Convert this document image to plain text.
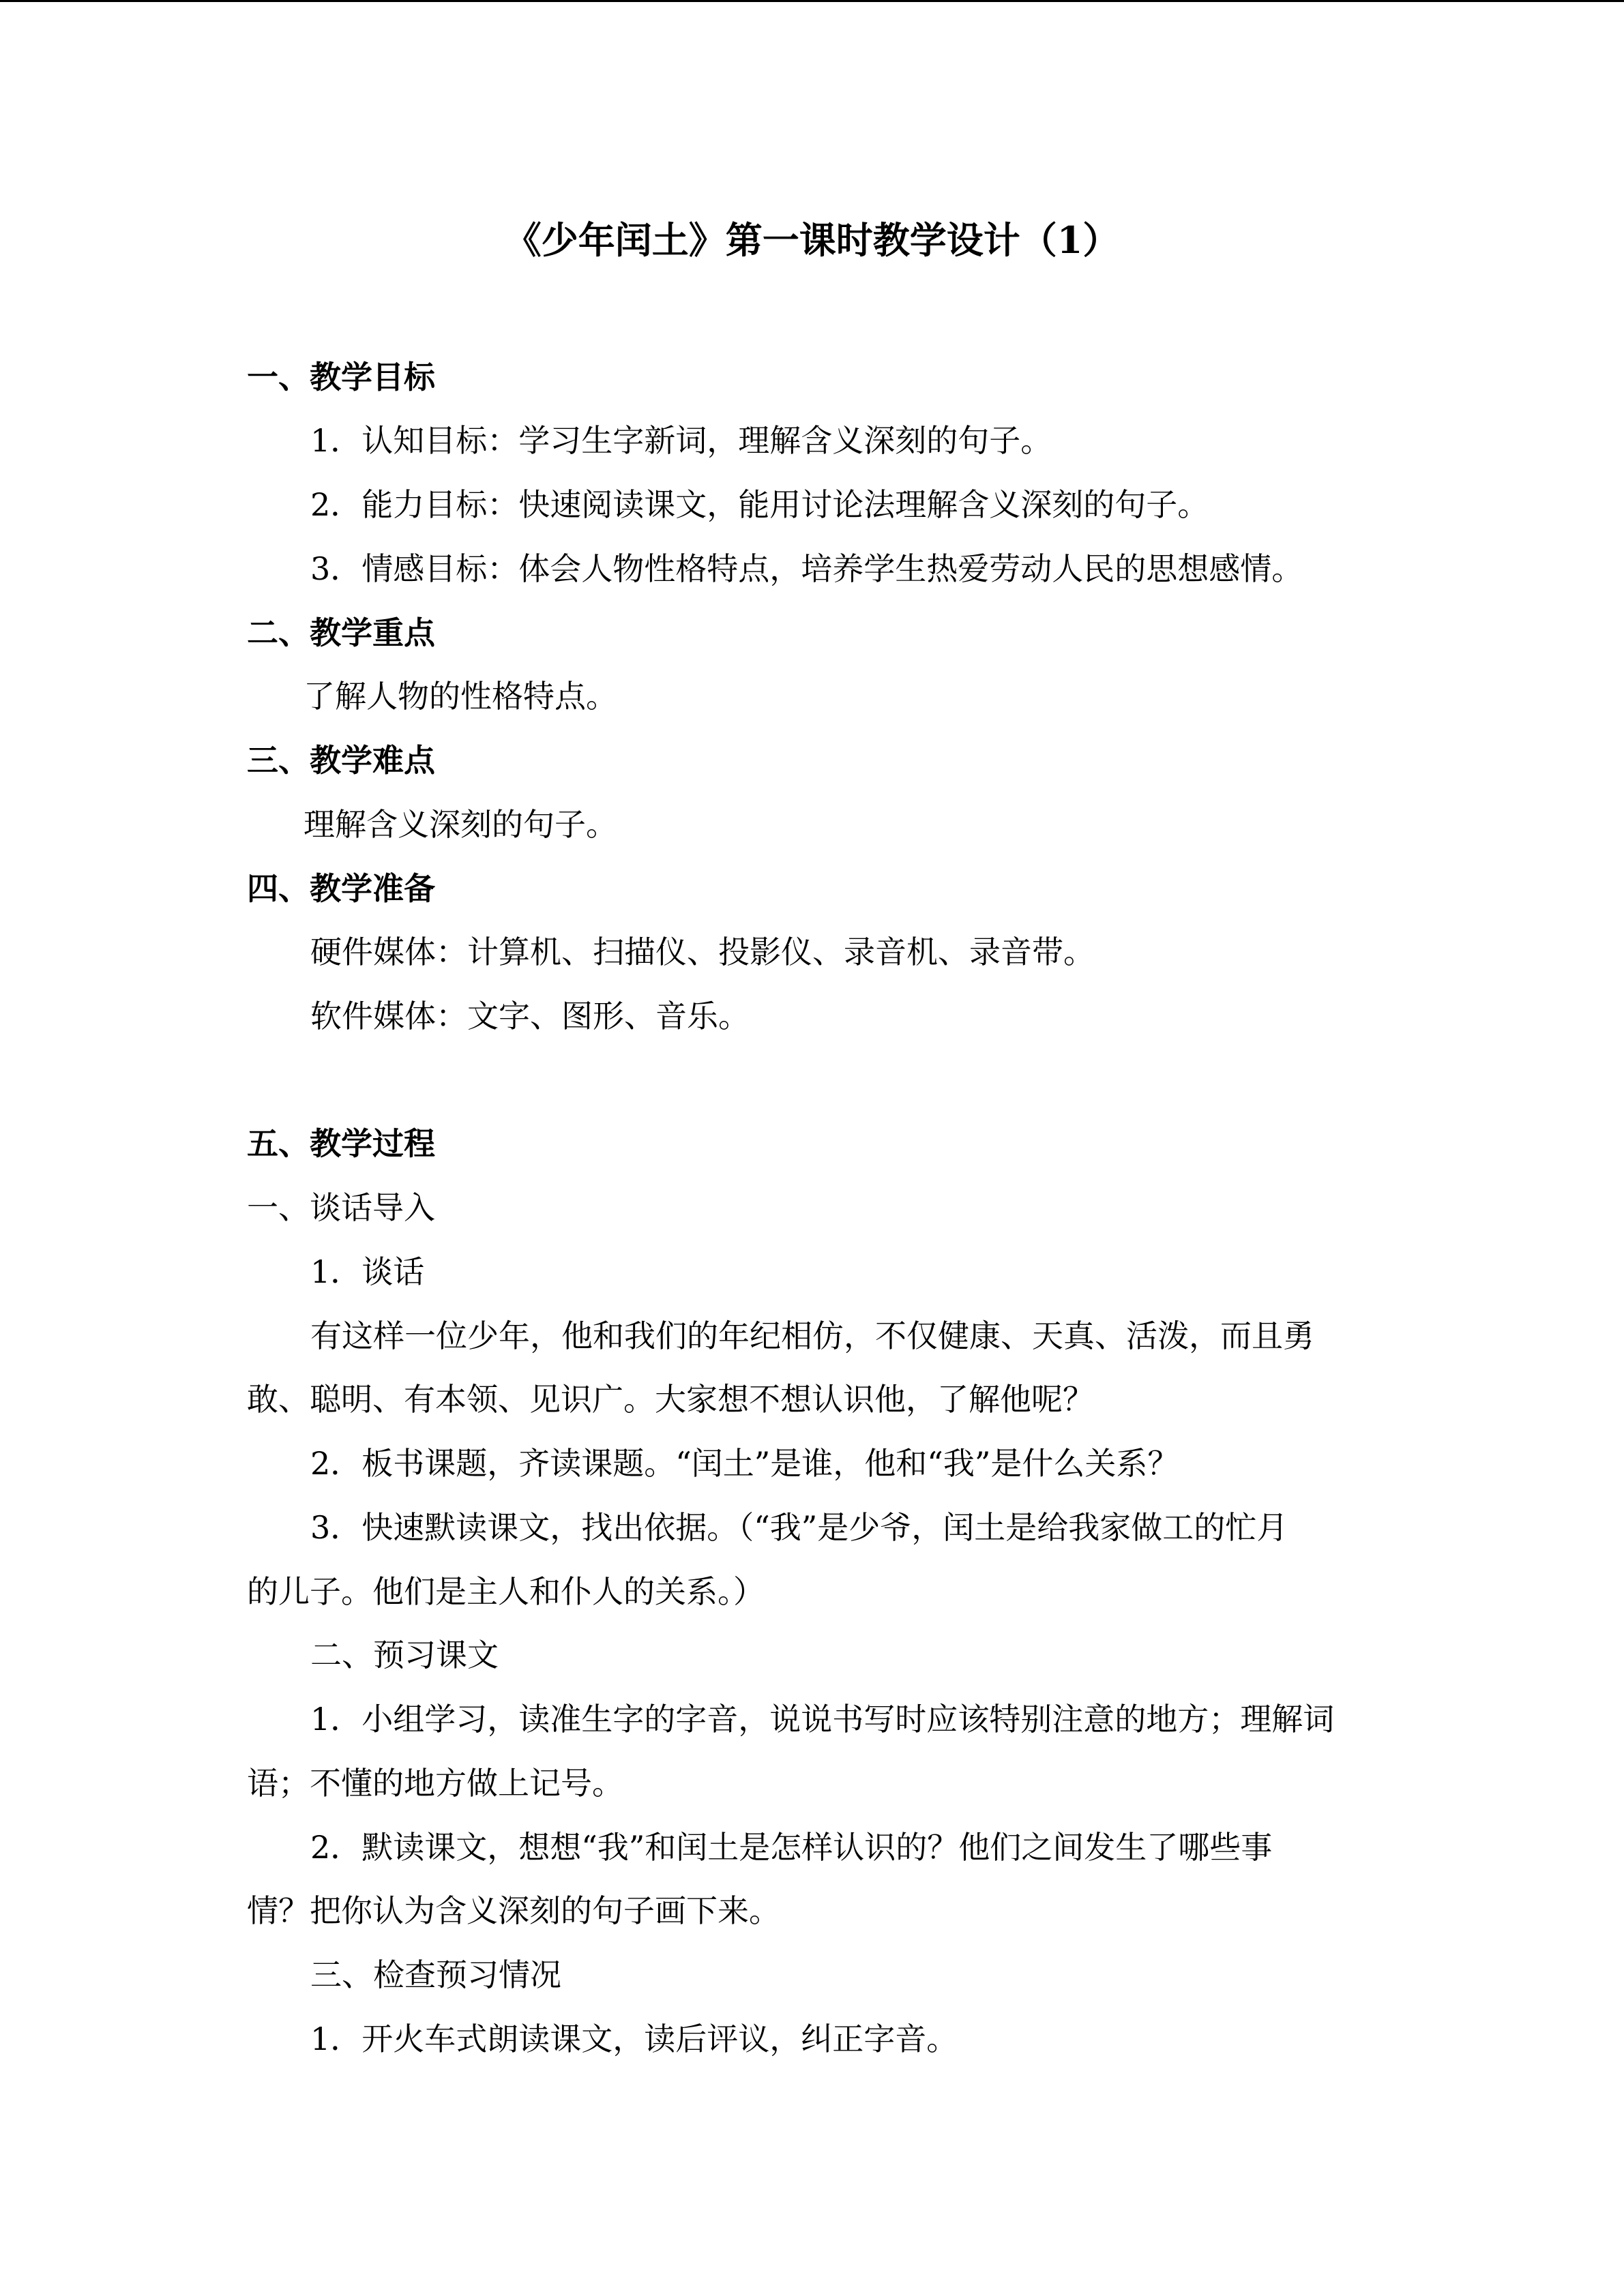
《少年闰土》第一课时教学设计（1）
一、教学目标
1．认知目标：学习生字新词，理解含义深刻的句子。
2．能力目标：快速阅读课文，能用讨论法理解含义深刻的句子。
3．情感目标：体会人物性格特点，培养学生热爱劳动人民的思想感情。
二、教学重点
了解人物的性格特点。
三、教学难点
理解含义深刻的句子。
四、教学准备
硬件媒体：计算机、扫描仪、投影仪、录音机、录音带。
软件媒体：文字、图形、音乐。
五、教学过程
一、谈话导入
1．谈话
有这样一位少年，他和我们的年纪相仿，不仅健康、天真、活泼，而且勇
敢、聪明、有本领、见识广。大家想不想认识他，了解他呢？
2．板书课题，齐读课题。“闰土”是谁，他和“我”是什么关系？
3．快速默读课文，找出依据。（“我”是少爷，闰土是给我家做工的忙月
的儿子。他们是主人和仆人的关系。）
二、预习课文
1．小组学习，读准生字的字音，说说书写时应该特别注意的地方；理解词
语；不懂的地方做上记号。
2．默读课文，想想“我”和闰土是怎样认识的？他们之间发生了哪些事
情？把你认为含义深刻的句子画下来。
三、检查预习情况
1．开火车式朗读课文，读后评议，纠正字音。
